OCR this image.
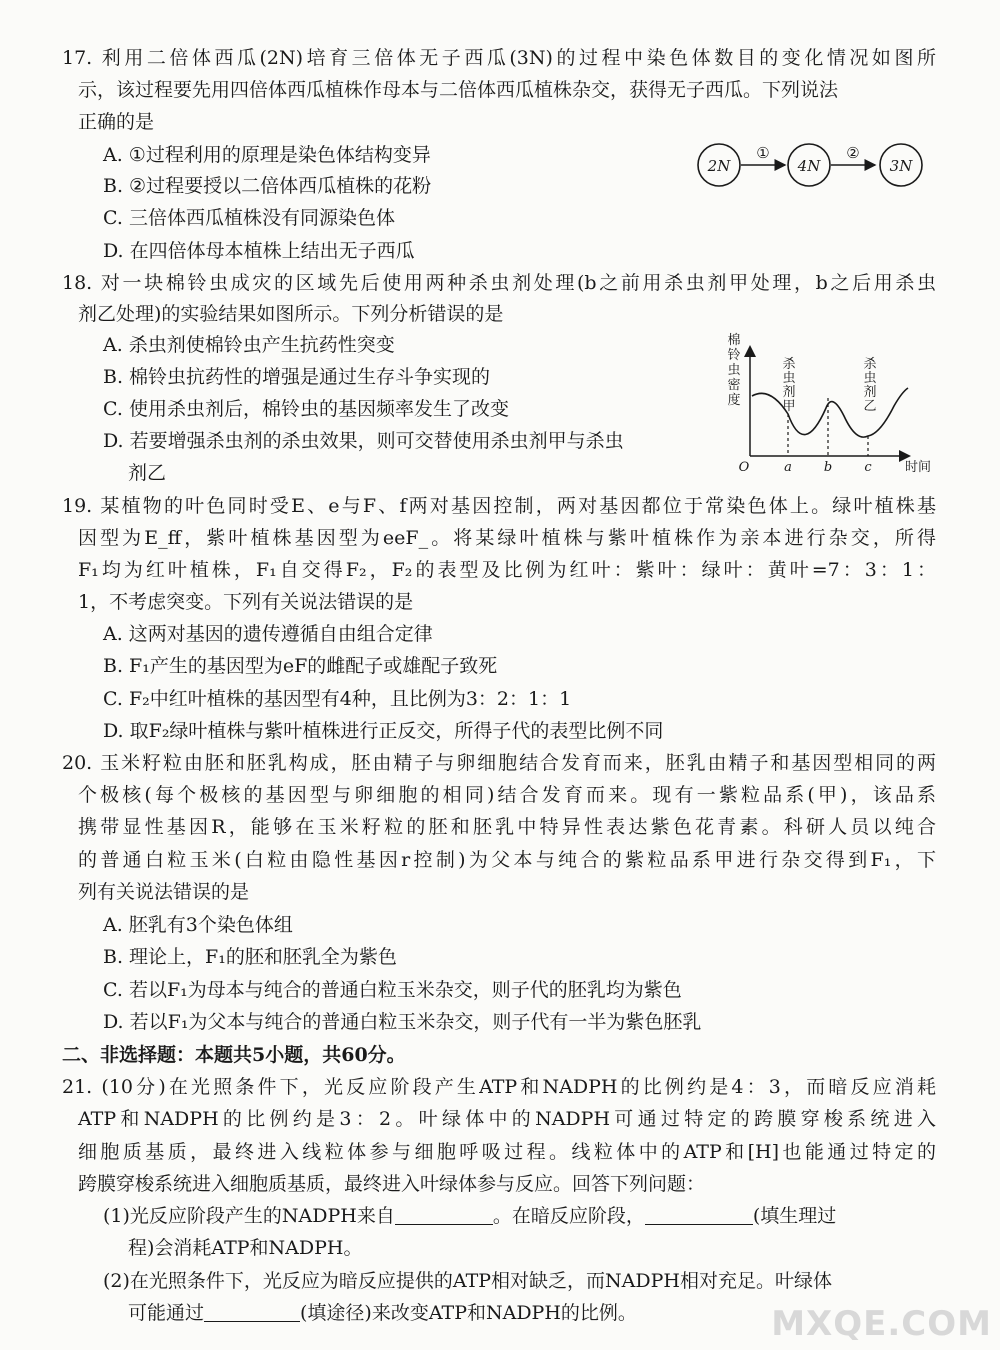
17. 利用二倍体西瓜(2N)培育三倍体无子西瓜(3N)的过程中染色体数目的变化情况如图所
示，该过程要先用四倍体西瓜植株作母本与二倍体西瓜植株杂交，获得无子西瓜。下列说法
正确的是
A. ①过程利用的原理是染色体结构变异
B. ②过程要授以二倍体西瓜植株的花粉
C. 三倍体西瓜植株没有同源染色体
D. 在四倍体母本植株上结出无子西瓜
2N
①
4N
②
3N
18. 对一块棉铃虫成灾的区域先后使用两种杀虫剂处理(b之前用杀虫剂甲处理，b之后用杀虫
剂乙处理)的实验结果如图所示。下列分析错误的是
A. 杀虫剂使棉铃虫产生抗药性突变
B. 棉铃虫抗药性的增强是通过生存斗争实现的
C. 使用杀虫剂后，棉铃虫的基因频率发生了改变
D. 若要增强杀虫剂的杀虫效果，则可交替使用杀虫剂甲与杀虫
剂乙
棉
铃
虫
密
度
杀
虫
剂
甲
杀
虫
剂
乙
O	a b c	时间
19. 某植物的叶色同时受E、e与F、f两对基因控制，两对基因都位于常染色体上。绿叶植株基
因型为E_ff，紫叶植株基因型为eeF_。将某绿叶植株与紫叶植株作为亲本进行杂交，所得
F₁均为红叶植株，F₁自交得F₂，F₂的表型及比例为红叶：紫叶：绿叶：黄叶=7：3：1：
1，不考虑突变。下列有关说法错误的是
A. 这两对基因的遗传遵循自由组合定律
B. F₁产生的基因型为eF的雌配子或雄配子致死
C. F₂中红叶植株的基因型有4种，且比例为3：2：1：1
D. 取F₂绿叶植株与紫叶植株进行正反交，所得子代的表型比例不同
20. 玉米籽粒由胚和胚乳构成，胚由精子与卵细胞结合发育而来，胚乳由精子和基因型相同的两
个极核(每个极核的基因型与卵细胞的相同)结合发育而来。现有一紫粒品系(甲)，该品系
携带显性基因R，能够在玉米籽粒的胚和胚乳中特异性表达紫色花青素。科研人员以纯合
的普通白粒玉米(白粒由隐性基因r控制)为父本与纯合的紫粒品系甲进行杂交得到F₁，下
列有关说法错误的是
A. 胚乳有3个染色体组
B. 理论上，F₁的胚和胚乳全为紫色
C. 若以F₁为母本与纯合的普通白粒玉米杂交，则子代的胚乳均为紫色
D. 若以F₁为父本与纯合的普通白粒玉米杂交，则子代有一半为紫色胚乳
二、非选择题：本题共5小题，共60分。
21. (10分)在光照条件下，光反应阶段产生ATP和NADPH的比例约是4：3，而暗反应消耗
ATP和NADPH的比例约是3：2。叶绿体中的NADPH可通过特定的跨膜穿梭系统进入
细胞质基质，最终进入线粒体参与细胞呼吸过程。线粒体中的ATP和[H]也能通过特定的
跨膜穿梭系统进入细胞质基质，最终进入叶绿体参与反应。回答下列问题：
(1)光反应阶段产生的NADPH来自	。在暗反应阶段，	(填生理过
程)会消耗ATP和NADPH。
(2)在光照条件下，光反应为暗反应提供的ATP相对缺乏，而NADPH相对充足。叶绿体
可能通过	(填途径)来改变ATP和NADPH的比例。	MXQE.COM
